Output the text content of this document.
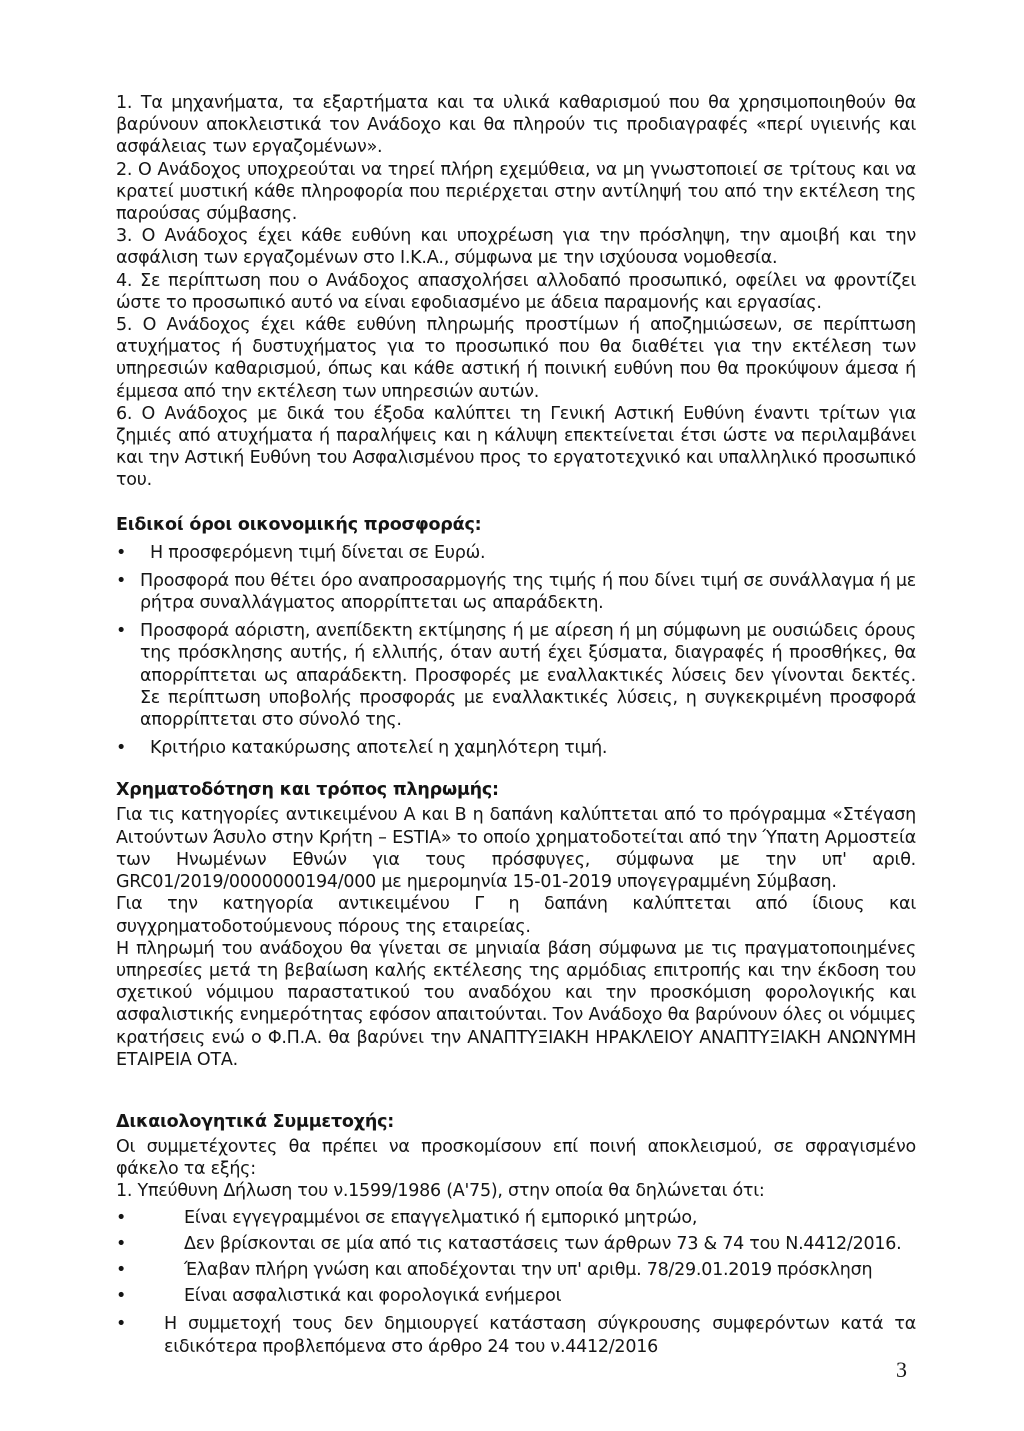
1. Τα μηχανήματα, τα εξαρτήματα και τα υλικά καθαρισμού που θα χρησιμοποιηθούν θα βαρύνουν αποκλειστικά τον Ανάδοχο και θα πληρούν τις προδιαγραφές «περί υγιεινής και ασφάλειας των εργαζομένων».

2. Ο Ανάδοχος υποχρεούται να τηρεί πλήρη εχεμύθεια, να μη γνωστοποιεί σε τρίτους και να κρατεί μυστική κάθε πληροφορία που περιέρχεται στην αντίληψή του από την εκτέλεση της παρούσας σύμβασης.

3. Ο Ανάδοχος έχει κάθε ευθύνη και υποχρέωση για την πρόσληψη, την αμοιβή και την ασφάλιση των εργαζομένων στο Ι.Κ.Α., σύμφωνα με την ισχύουσα νομοθεσία.

4. Σε περίπτωση που ο Ανάδοχος απασχολήσει αλλοδαπό προσωπικό, οφείλει να φροντίζει ώστε το προσωπικό αυτό να είναι εφοδιασμένο με άδεια παραμονής και εργασίας.

5. Ο Ανάδοχος έχει κάθε ευθύνη πληρωμής προστίμων ή αποζημιώσεων, σε περίπτωση ατυχήματος ή δυστυχήματος για το προσωπικό που θα διαθέτει για την εκτέλεση των υπηρεσιών καθαρισμού, όπως και κάθε αστική ή ποινική ευθύνη που θα προκύψουν άμεσα ή έμμεσα από την εκτέλεση των υπηρεσιών αυτών.

6. Ο Ανάδοχος με δικά του έξοδα καλύπτει τη Γενική Αστική Ευθύνη έναντι τρίτων για ζημιές από ατυχήματα ή παραλήψεις και η κάλυψη επεκτείνεται έτσι ώστε να περιλαμβάνει και την Αστική Ευθύνη του Ασφαλισμένου προς το εργατοτεχνικό και υπαλληλικό προσωπικό του.

Ειδικοί όροι οικονομικής προσφοράς:

•	Η προσφερόμενη τιμή δίνεται σε Ευρώ.

• Προσφορά που θέτει όρο αναπροσαρμογής της τιμής ή που δίνει τιμή σε συνάλλαγμα ή με ρήτρα συναλλάγματος απορρίπτεται ως απαράδεκτη.

• Προσφορά αόριστη, ανεπίδεκτη εκτίμησης ή με αίρεση ή μη σύμφωνη με ουσιώδεις όρους της πρόσκλησης αυτής, ή ελλιπής, όταν αυτή έχει ξύσματα, διαγραφές ή προσθήκες, θα απορρίπτεται ως απαράδεκτη. Προσφορές με εναλλακτικές λύσεις δεν γίνονται δεκτές. Σε περίπτωση υποβολής προσφοράς με εναλλακτικές λύσεις, η συγκεκριμένη προσφορά απορρίπτεται στο σύνολό της.

•	Κριτήριο κατακύρωσης αποτελεί η χαμηλότερη τιμή.

Χρηματοδότηση και τρόπος πληρωμής:

Για τις κατηγορίες αντικειμένου Α και Β η δαπάνη καλύπτεται από το πρόγραμμα «Στέγαση Αιτούντων Άσυλο στην Κρήτη – ESTIA» το οποίο χρηματοδοτείται από την Ύπατη Αρμοστεία των Ηνωμένων Εθνών για τους πρόσφυγες, σύμφωνα με την υπ' αριθ. GRC01/2019/0000000194/000 με ημερομηνία 15-01-2019 υπογεγραμμένη Σύμβαση.

Για την κατηγορία αντικειμένου Γ η δαπάνη καλύπτεται από ίδιους και συγχρηματοδοτούμενους πόρους της εταιρείας.

Η πληρωμή του ανάδοχου θα γίνεται σε μηνιαία βάση σύμφωνα με τις πραγματοποιημένες υπηρεσίες μετά τη βεβαίωση καλής εκτέλεσης της αρμόδιας επιτροπής και την έκδοση του σχετικού νόμιμου παραστατικού του αναδόχου και την προσκόμιση φορολογικής και ασφαλιστικής ενημερότητας εφόσον απαιτούνται. Τον Ανάδοχο θα βαρύνουν όλες οι νόμιμες κρατήσεις ενώ ο Φ.Π.Α. θα βαρύνει την ΑΝΑΠΤΥΞΙΑΚΗ ΗΡΑΚΛΕΙΟΥ ΑΝΑΠΤΥΞΙΑΚΗ ΑΝΩΝΥΜΗ ΕΤΑΙΡΕΙΑ ΟΤΑ.

Δικαιολογητικά Συμμετοχής:

Οι συμμετέχοντες θα πρέπει να προσκομίσουν επί ποινή αποκλεισμού, σε σφραγισμένο φάκελο τα εξής:

1. Υπεύθυνη Δήλωση του ν.1599/1986 (Α'75), στην οποία θα δηλώνεται ότι:

•	Είναι εγγεγραμμένοι σε επαγγελματικό ή εμπορικό μητρώο,

•	Δεν βρίσκονται σε μία από τις καταστάσεις των άρθρων 73 & 74 του Ν.4412/2016.

•	Έλαβαν πλήρη γνώση και αποδέχονται την υπ' αριθμ. 78/29.01.2019 πρόσκληση

•	Είναι ασφαλιστικά και φορολογικά ενήμεροι

•	Η συμμετοχή τους δεν δημιουργεί κατάσταση σύγκρουσης συμφερόντων κατά τα ειδικότερα προβλεπόμενα στο άρθρο 24 του ν.4412/2016

3
